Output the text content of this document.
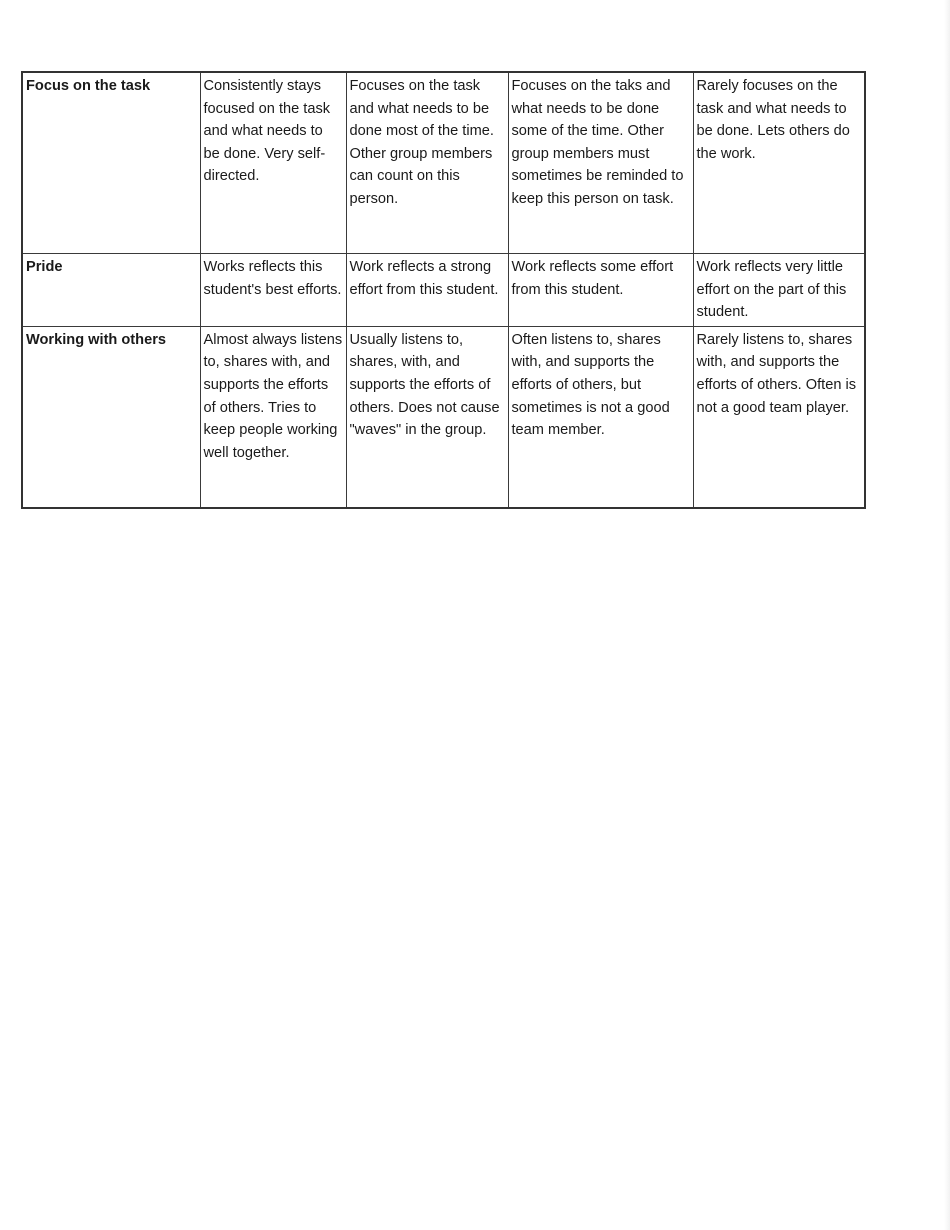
Focus on the task	Consistently stays focused on the task and what needs to be done. Very self-directed.	Focuses on the task and what needs to be done most of the time. Other group members can count on this person.	Focuses on the taks and what needs to be done some of the time. Other group members must sometimes be reminded to keep this person on task.	Rarely focuses on the task and what needs to be done. Lets others do the work.
Pride	Works reflects this student's best efforts.	Work reflects a strong effort from this student.	Work reflects some effort from this student.	Work reflects very little effort on the part of this student.
Working with others	Almost always listens to, shares with, and supports the efforts of others. Tries to keep people working well together.	Usually listens to, shares, with, and supports the efforts of others. Does not cause "waves" in the group.	Often listens to, shares with, and supports the efforts of others, but sometimes is not a good team member.	Rarely listens to, shares with, and supports the efforts of others. Often is not a good team player.
